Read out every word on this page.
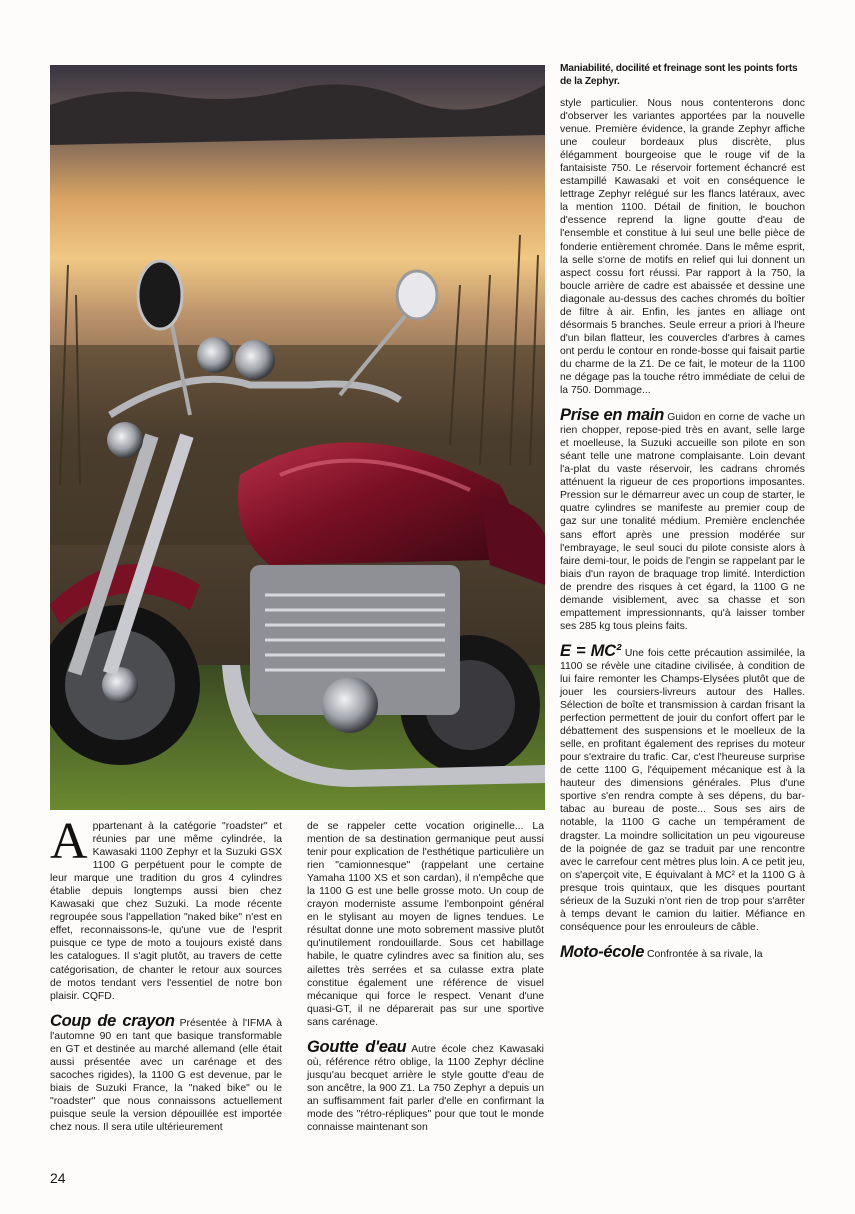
Maniabilité, docilité et freinage sont les points forts de la Zephyr.

style particulier. Nous nous contenterons donc d'observer les variantes apportées par la nouvelle venue. Première évidence, la grande Zephyr affiche une couleur bordeaux plus discrète, plus élégamment bourgeoise que le rouge vif de la fantaisiste 750. Le réservoir fortement échancré est estampillé Kawasaki et voit en conséquence le lettrage Zephyr relégué sur les flancs latéraux, avec la mention 1100. Détail de finition, le bouchon d'essence reprend la ligne goutte d'eau de l'ensemble et constitue à lui seul une belle pièce de fonderie entièrement chromée. Dans le même esprit, la selle s'orne de motifs en relief qui lui donnent un aspect cossu fort réussi. Par rapport à la 750, la boucle arrière de cadre est abaissée et dessine une diagonale au-dessus des caches chromés du boîtier de filtre à air. Enfin, les jantes en alliage ont désormais 5 branches. Seule erreur a priori à l'heure d'un bilan flatteur, les couvercles d'arbres à cames ont perdu le contour en ronde-bosse qui faisait partie du charme de la Z1. De ce fait, le moteur de la 1100 ne dégage pas la touche rétro immédiate de celui de la 750. Dommage...

Prise en main Guidon en corne de vache un rien chopper, repose-pied très en avant, selle large et moelleuse, la Suzuki accueille son pilote en son séant telle une matrone complaisante. Loin devant l'a-plat du vaste réservoir, les cadrans chromés atténuent la rigueur de ces proportions imposantes. Pression sur le démarreur avec un coup de starter, le quatre cylindres se manifeste au premier coup de gaz sur une tonalité médium. Première enclenchée sans effort après une pression modérée sur l'embrayage, le seul souci du pilote consiste alors à faire demi-tour, le poids de l'engin se rappelant par le biais d'un rayon de braquage trop limité. Interdiction de prendre des risques à cet égard, la 1100 G ne demande visiblement, avec sa chasse et son empattement impressionnants, qu'à laisser tomber ses 285 kg tous pleins faits.

E = MC² Une fois cette précaution assimilée, la 1100 se révèle une citadine civilisée, à condition de lui faire remonter les Champs-Elysées plutôt que de jouer les coursiers-livreurs autour des Halles. Sélection de boîte et transmission à cardan frisant la perfection permettent de jouir du confort offert par le débattement des suspensions et le moelleux de la selle, en profitant également des reprises du moteur pour s'extraire du trafic. Car, c'est l'heureuse surprise de cette 1100 G, l'équipement mécanique est à la hauteur des dimensions générales. Plus d'une sportive s'en rendra compte à ses dépens, du bar-tabac au bureau de poste... Sous ses airs de notable, la 1100 G cache un tempérament de dragster. La moindre sollicitation un peu vigoureuse de la poignée de gaz se traduit par une rencontre avec le carrefour cent mètres plus loin. A ce petit jeu, on s'aperçoit vite, E équivalant à MC² et la 1100 G à presque trois quintaux, que les disques pourtant sérieux de la Suzuki n'ont rien de trop pour s'arrêter à temps devant le camion du laitier. Méfiance en conséquence pour les enrouleurs de câble.

Moto-école Confrontée à sa rivale, la

Appartenant à la catégorie "roadster" et réunies par une même cylindrée, la Kawasaki 1100 Zephyr et la Suzuki GSX 1100 G perpétuent pour le compte de leur marque une tradition du gros 4 cylindres établie depuis longtemps aussi bien chez Kawasaki que chez Suzuki. La mode récente regroupée sous l'appellation "naked bike" n'est en effet, reconnaissons-le, qu'une vue de l'esprit puisque ce type de moto a toujours existé dans les catalogues. Il s'agit plutôt, au travers de cette catégorisation, de chanter le retour aux sources de motos tendant vers l'essentiel de notre bon plaisir. CQFD.

Coup de crayon Présentée à l'IFMA à l'automne 90 en tant que basique transformable en GT et destinée au marché allemand (elle était aussi présentée avec un carénage et des sacoches rigides), la 1100 G est devenue, par le biais de Suzuki France, la "naked bike" ou le "roadster" que nous connaissons actuellement puisque seule la version dépouillée est importée chez nous. Il sera utile ultérieurement

de se rappeler cette vocation originelle... La mention de sa destination germanique peut aussi tenir pour explication de l'esthétique particulière un rien "camionnesque" (rappelant une certaine Yamaha 1100 XS et son cardan), il n'empêche que la 1100 G est une belle grosse moto. Un coup de crayon moderniste assume l'embonpoint général en le stylisant au moyen de lignes tendues. Le résultat donne une moto sobrement massive plutôt qu'inutilement rondouillarde. Sous cet habillage habile, le quatre cylindres avec sa finition alu, ses ailettes très serrées et sa culasse extra plate constitue également une référence de visuel mécanique qui force le respect. Venant d'une quasi-GT, il ne déparerait pas sur une sportive sans carénage.

Goutte d'eau Autre école chez Kawasaki où, référence rétro oblige, la 1100 Zephyr décline jusqu'au becquet arrière le style goutte d'eau de son ancêtre, la 900 Z1. La 750 Zephyr a depuis un an suffisamment fait parler d'elle en confirmant la mode des "rétro-répliques" pour que tout le monde connaisse maintenant son

24
